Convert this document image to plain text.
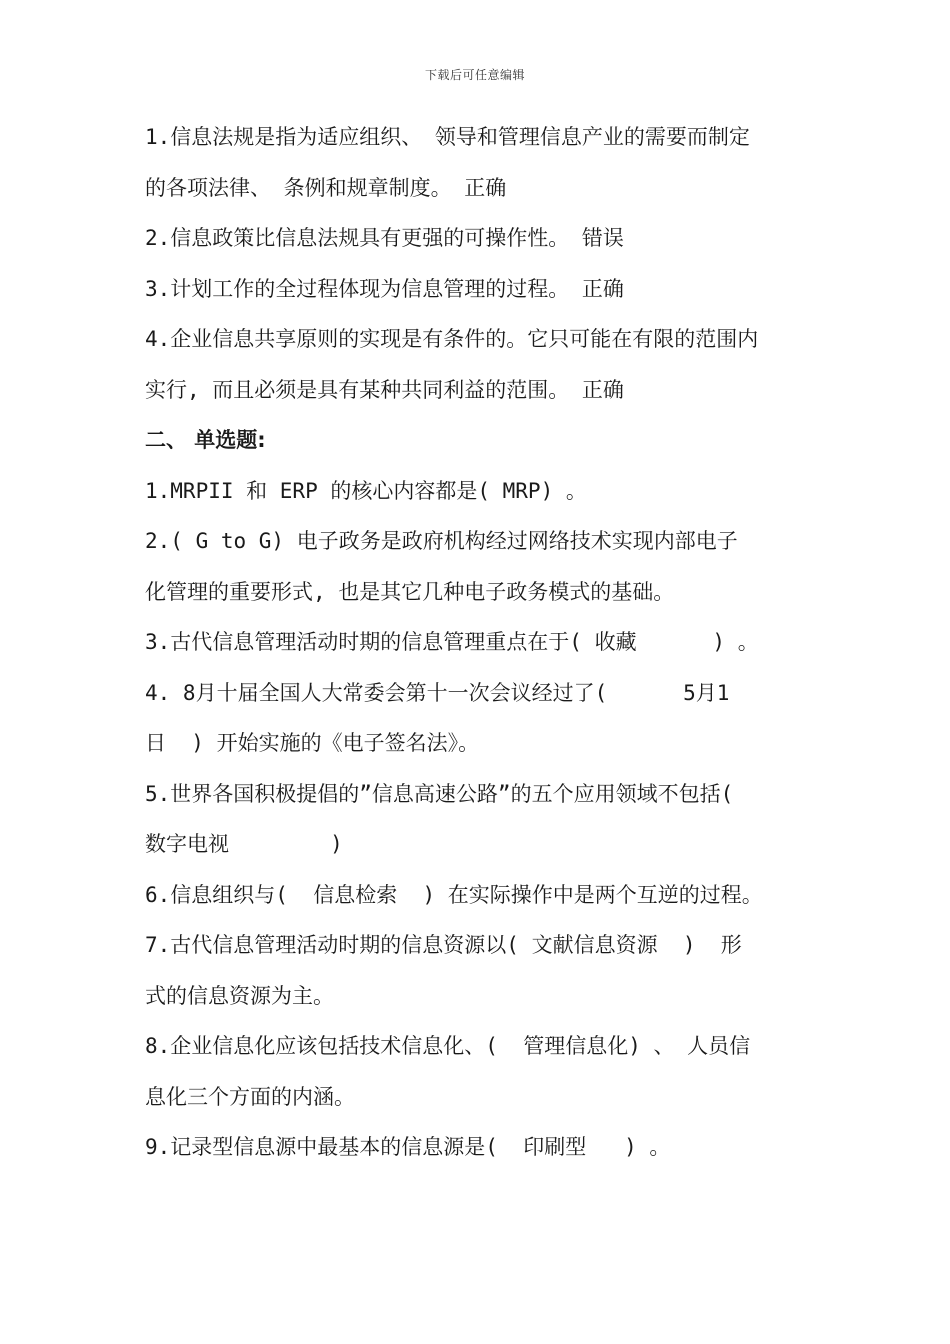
下载后可任意编辑
1.信息法规是指为适应组织、 领导和管理信息产业的需要而制定
的各项法律、 条例和规章制度。 正确
2.信息政策比信息法规具有更强的可操作性。 错误
3.计划工作的全过程体现为信息管理的过程。 正确
4.企业信息共享原则的实现是有条件的。它只可能在有限的范围内
实行, 而且必须是具有某种共同利益的范围。 正确
二、 单选题:
1.MRPII 和 ERP 的核心内容都是( MRP) 。
2.( G to G) 电子政务是政府机构经过网络技术实现内部电子
化管理的重要形式, 也是其它几种电子政务模式的基础。
3.古代信息管理活动时期的信息管理重点在于( 收藏      ) 。
4. 8月十届全国人大常委会第十一次会议经过了(      5月1
日  ) 开始实施的《电子签名法》。
5.世界各国积极提倡的”信息高速公路”的五个应用领域不包括(
数字电视        )
6.信息组织与(  信息检索  ) 在实际操作中是两个互逆的过程。
7.古代信息管理活动时期的信息资源以( 文献信息资源  )  形
式的信息资源为主。
8.企业信息化应该包括技术信息化、(  管理信息化) 、 人员信
息化三个方面的内涵。
9.记录型信息源中最基本的信息源是(  印刷型   ) 。
